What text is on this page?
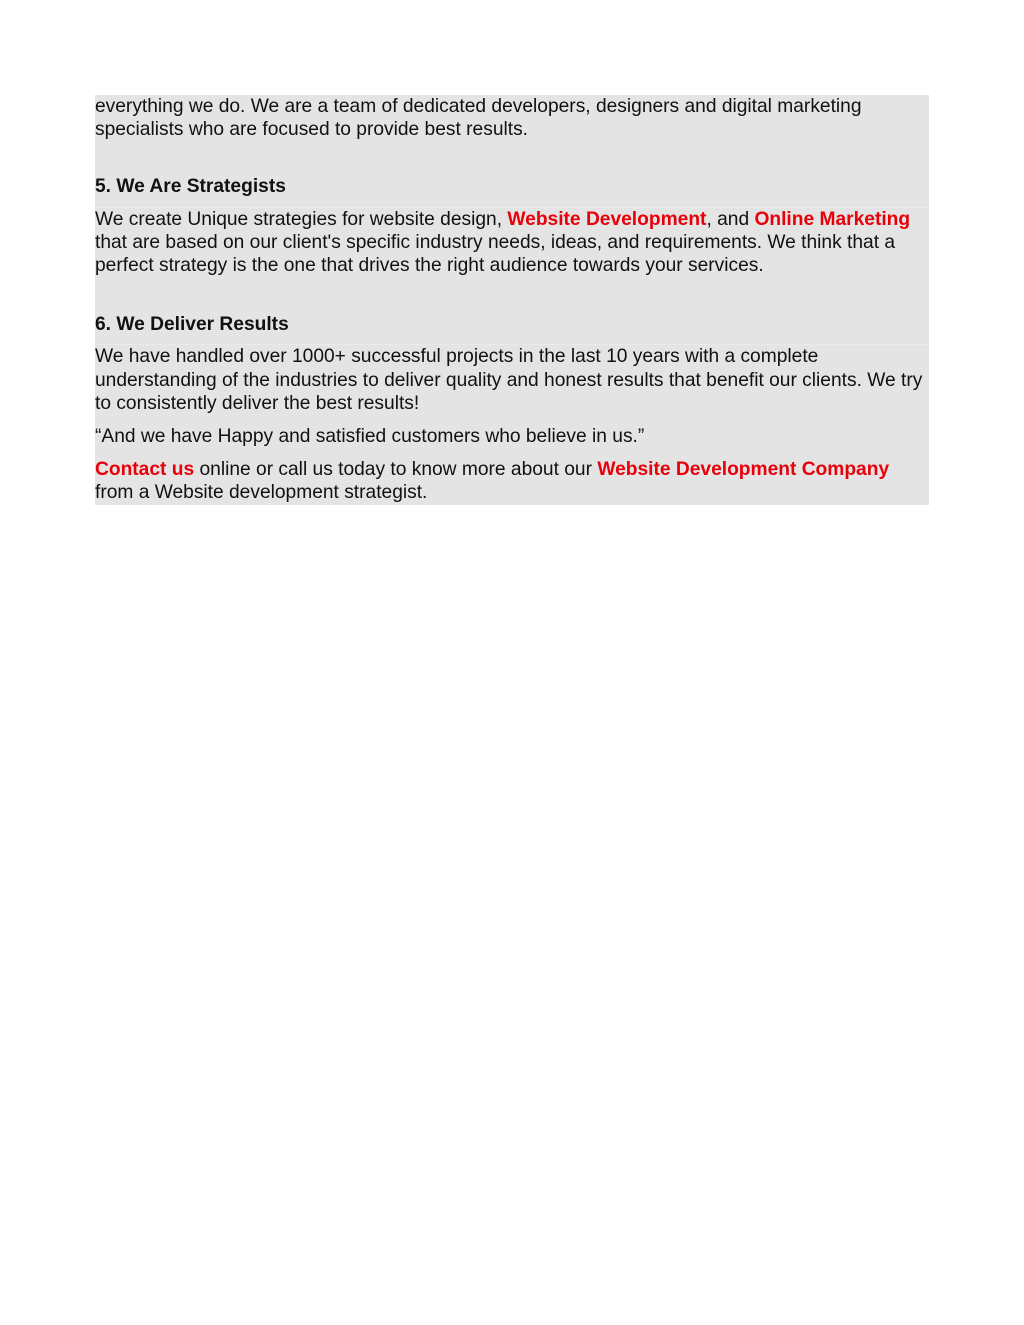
everything we do. We are a team of dedicated developers, designers and digital marketing specialists who are focused to provide best results.

5. We Are Strategists

We create Unique strategies for website design, Website Development, and Online Marketing that are based on our client's specific industry needs, ideas, and requirements. We think that a perfect strategy is the one that drives the right audience towards your services.

6. We Deliver Results

We have handled over 1000+ successful projects in the last 10 years with a complete understanding of the industries to deliver quality and honest results that benefit our clients. We try to consistently deliver the best results!

“And we have Happy and satisfied customers who believe in us.”

Contact us online or call us today to know more about our Website Development Company from a Website development strategist.
